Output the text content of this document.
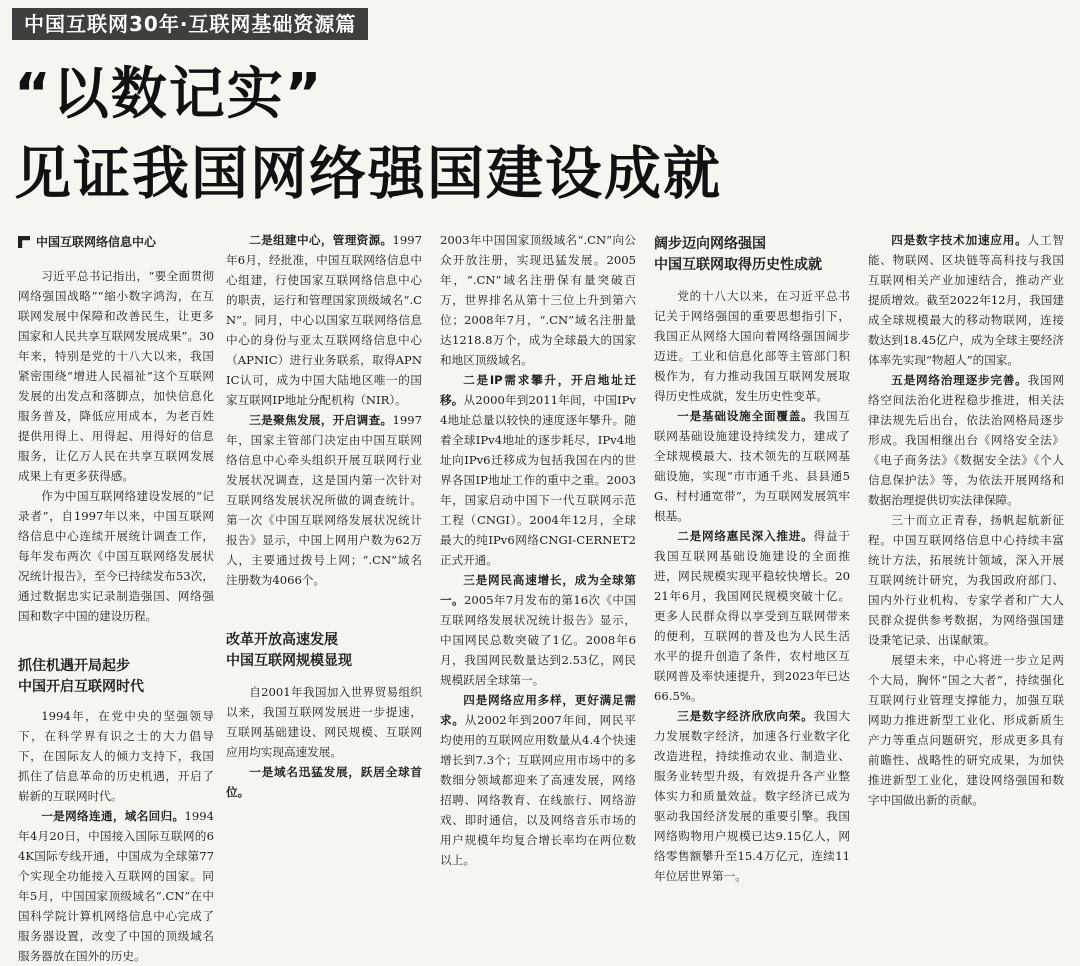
中国互联网30年·互联网基础资源篇
“以数记实”
见证我国网络强国建设成就
中国互联网络信息中心

习近平总书记指出，“要全面贯彻网络强国战略”“缩小数字鸿沟，在互联网发展中保障和改善民生，让更多国家和人民共享互联网发展成果”。30年来，特别是党的十八大以来，我国紧密围绕“增进人民福祉”这个互联网发展的出发点和落脚点，加快信息化服务普及，降低应用成本，为老百姓提供用得上、用得起、用得好的信息服务，让亿万人民在共享互联网发展成果上有更多获得感。

作为中国互联网络建设发展的“记录者”，自1997年以来，中国互联网络信息中心连续开展统计调查工作，每年发布两次《中国互联网络发展状况统计报告》，至今已持续发布53次，通过数据忠实记录制造强国、网络强国和数字中国的建设历程。

抓住机遇开局起步
中国开启互联网时代

1994年，在党中央的坚强领导下，在科学界有识之士的大力倡导下，在国际友人的倾力支持下，我国抓住了信息革命的历史机遇，开启了崭新的互联网时代。

一是网络连通，域名回归。1994年4月20日，中国接入国际互联网的64K国际专线开通，中国成为全球第77个实现全功能接入互联网的国家。同年5月，中国国家顶级域名“.CN”在中国科学院计算机网络信息中心完成了服务器设置，改变了中国的顶级域名服务器放在国外的历史。

二是组建中心，管理资源。1997年6月，经批准，中国互联网络信息中心组建，行使国家互联网络信息中心的职责，运行和管理国家顶级域名“.CN”。同月，中心以国家互联网络信息中心的身份与亚太互联网络信息中心（APNIC）进行业务联系，取得APNIC认可，成为中国大陆地区唯一的国家互联网IP地址分配机构（NIR）。

三是聚焦发展，开启调查。1997年，国家主管部门决定由中国互联网络信息中心牵头组织开展互联网行业发展状况调查，这是国内第一次针对互联网络发展状况所做的调查统计。第一次《中国互联网络发展状况统计报告》显示，中国上网用户数为62万人，主要通过拨号上网；“.CN”域名注册数为4066个。

改革开放高速发展
中国互联网规模显现

自2001年我国加入世界贸易组织以来，我国互联网发展进一步提速，互联网基础建设、网民规模、互联网应用均实现高速发展。

一是域名迅猛发展，跃居全球首位。

2003年中国国家顶级域名“.CN”向公众开放注册，实现迅猛发展。2005年，“.CN”域名注册保有量突破百万，世界排名从第十三位上升到第六位；2008年7月，“.CN”域名注册量达1218.8万个，成为全球最大的国家和地区顶级域名。

二是IP需求攀升，开启地址迁移。从2000年到2011年间，中国IPv4地址总量以较快的速度逐年攀升。随着全球IPv4地址的逐步耗尽，IPv4地址向IPv6迁移成为包括我国在内的世界各国IP地址工作的重中之重。2003年，国家启动中国下一代互联网示范工程（CNGI）。2004年12月，全球最大的纯IPv6网络CNGI-CERNET2正式开通。

三是网民高速增长，成为全球第一。2005年7月发布的第16次《中国互联网络发展状况统计报告》显示，中国网民总数突破了1亿。2008年6月，我国网民数量达到2.53亿，网民规模跃居全球第一。

四是网络应用多样，更好满足需求。从2002年到2007年间，网民平均使用的互联网应用数量从4.4个快速增长到7.3个；互联网应用市场中的多数细分领域都迎来了高速发展，网络招聘、网络教育、在线旅行、网络游戏、即时通信，以及网络音乐市场的用户规模年均复合增长率均在两位数以上。

阔步迈向网络强国
中国互联网取得历史性成就

党的十八大以来，在习近平总书记关于网络强国的重要思想指引下，我国正从网络大国向着网络强国阔步迈进。工业和信息化部等主管部门积极作为，有力推动我国互联网发展取得历史性成就，发生历史性变革。

一是基础设施全面覆盖。我国互联网基础设施建设持续发力，建成了全球规模最大、技术领先的互联网基础设施，实现“市市通千兆、县县通5G、村村通宽带”，为互联网发展筑牢根基。

二是网络惠民深入推进。得益于我国互联网基础设施建设的全面推进，网民规模实现平稳较快增长。2021年6月，我国网民规模突破十亿。更多人民群众得以享受到互联网带来的便利，互联网的普及也为人民生活水平的提升创造了条件，农村地区互联网普及率快速提升，到2023年已达66.5%。

三是数字经济欣欣向荣。我国大力发展数字经济，加速各行业数字化改造进程，持续推动农业、制造业、服务业转型升级，有效提升各产业整体实力和质量效益。数字经济已成为驱动我国经济发展的重要引擎。我国网络购物用户规模已达9.15亿人，网络零售额攀升至15.4万亿元，连续11年位居世界第一。

四是数字技术加速应用。人工智能、物联网、区块链等高科技与我国互联网相关产业加速结合，推动产业提质增效。截至2022年12月，我国建成全球规模最大的移动物联网，连接数达到18.45亿户，成为全球主要经济体率先实现“物超人”的国家。

五是网络治理逐步完善。我国网络空间法治化进程稳步推进，相关法律法规先后出台，依法治网格局逐步形成。我国相继出台《网络安全法》《电子商务法》《数据安全法》《个人信息保护法》等，为依法开展网络和数据治理提供切实法律保障。

三十而立正青春，扬帆起航新征程。中国互联网络信息中心持续丰富统计方法，拓展统计领域，深入开展互联网统计研究，为我国政府部门、国内外行业机构、专家学者和广大人民群众提供参考数据，为网络强国建设秉笔记录、出谋献策。

展望未来，中心将进一步立足两个大局，胸怀“国之大者”，持续强化互联网行业管理支撑能力，加强互联网助力推进新型工业化、形成新质生产力等重点问题研究，形成更多具有前瞻性、战略性的研究成果，为加快推进新型工业化，建设网络强国和数字中国做出新的贡献。
